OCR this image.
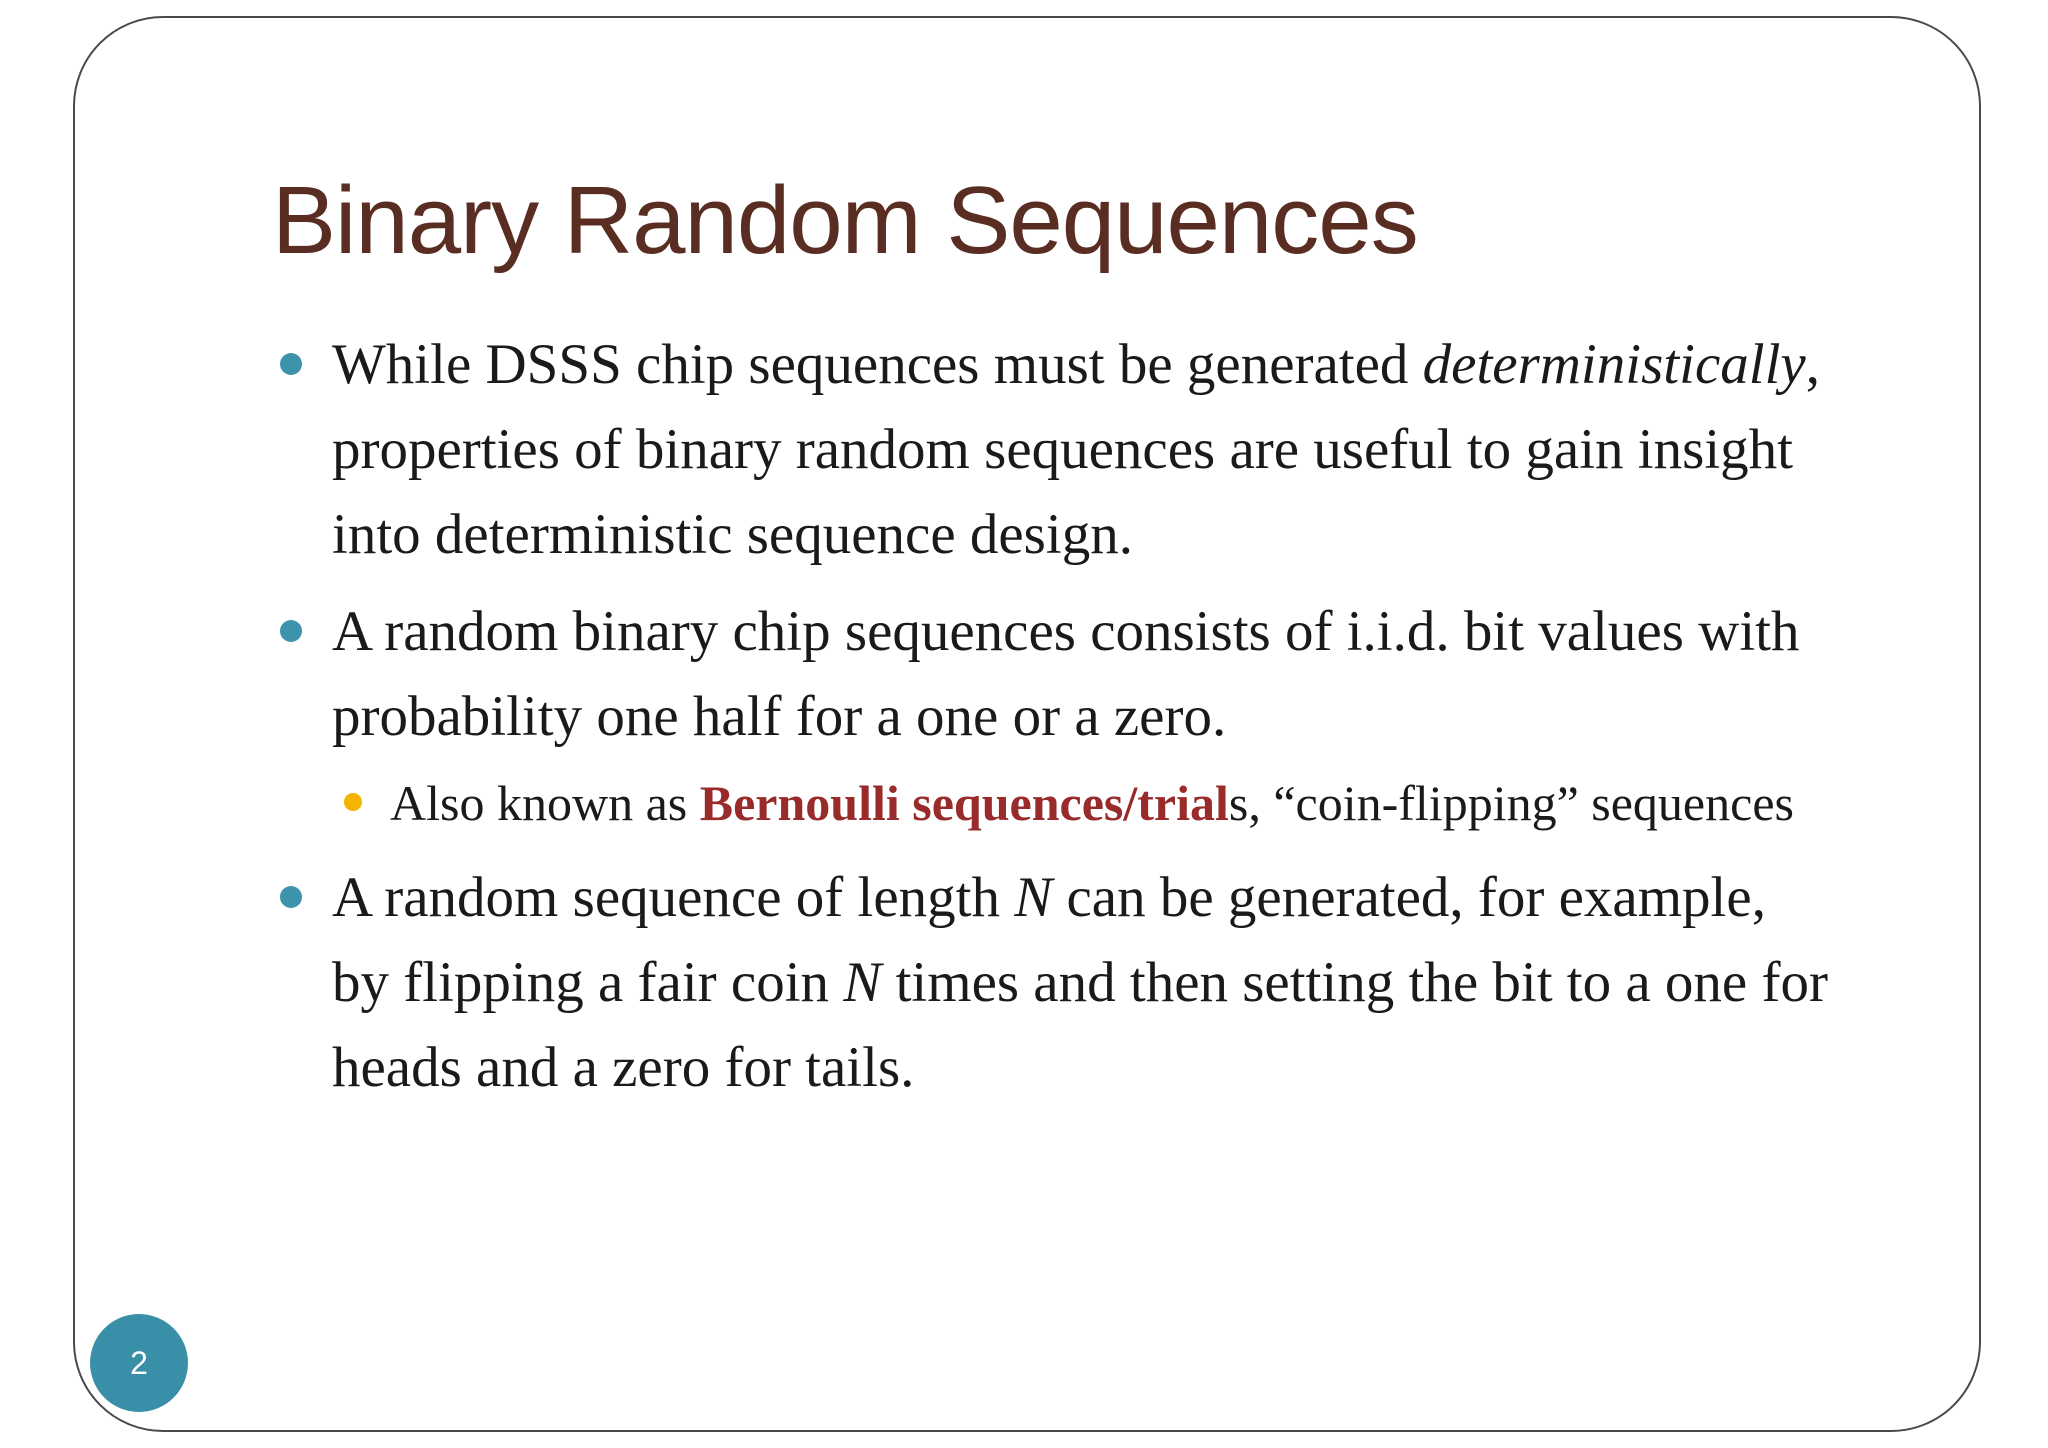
Binary Random Sequences
While DSSS chip sequences must be generated deterministically, properties of binary random sequences are useful to gain insight into deterministic sequence design.
A random binary chip sequences consists of i.i.d. bit values with probability one half for a one or a zero.
Also known as Bernoulli sequences/trials, “coin-flipping” sequences
A random sequence of length N can be generated, for example, by flipping a fair coin N times and then setting the bit to a one for heads and a zero for tails.
2
